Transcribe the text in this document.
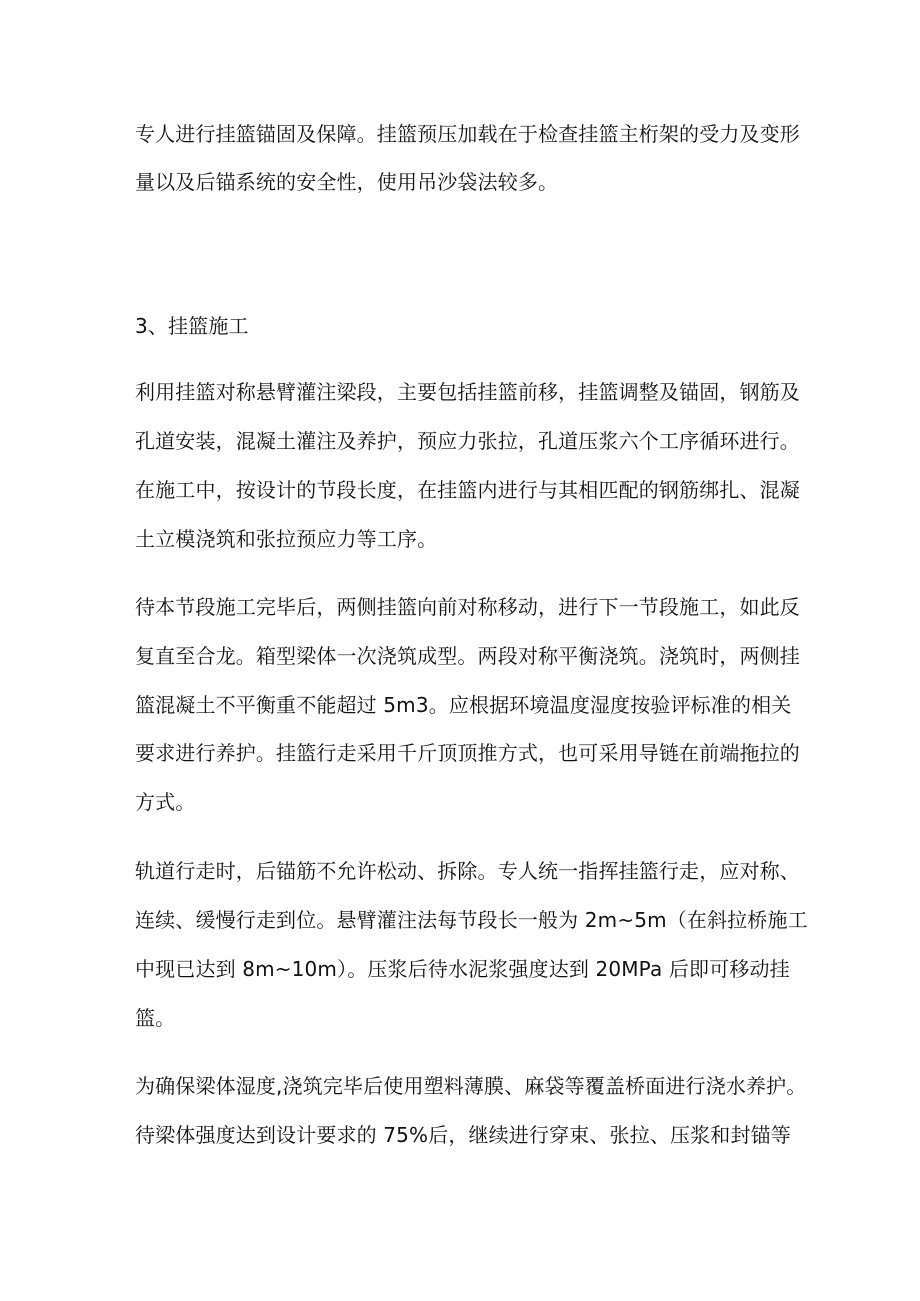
专人进行挂篮锚固及保障。挂篮预压加载在于检查挂篮主桁架的受力及变形
量以及后锚系统的安全性，使用吊沙袋法较多。
3、挂篮施工
利用挂篮对称悬臂灌注梁段，主要包括挂篮前移，挂篮调整及锚固，钢筋及
孔道安装，混凝土灌注及养护，预应力张拉，孔道压浆六个工序循环进行。
在施工中，按设计的节段长度，在挂篮内进行与其相匹配的钢筋绑扎、混凝
土立模浇筑和张拉预应力等工序。
待本节段施工完毕后，两侧挂篮向前对称移动，进行下一节段施工，如此反
复直至合龙。箱型梁体一次浇筑成型。两段对称平衡浇筑。浇筑时，两侧挂
篮混凝土不平衡重不能超过 5m3。应根据环境温度湿度按验评标准的相关
要求进行养护。挂篮行走采用千斤顶顶推方式，也可采用导链在前端拖拉的
方式。
轨道行走时，后锚筋不允许松动、拆除。专人统一指挥挂篮行走，应对称、
连续、缓慢行走到位。悬臂灌注法每节段长一般为 2m~5m（在斜拉桥施工
中现已达到 8m~10m）。压浆后待水泥浆强度达到 20MPa 后即可移动挂
篮。
为确保梁体湿度,浇筑完毕后使用塑料薄膜、麻袋等覆盖桥面进行浇水养护。
待梁体强度达到设计要求的 75%后，继续进行穿束、张拉、压浆和封锚等
